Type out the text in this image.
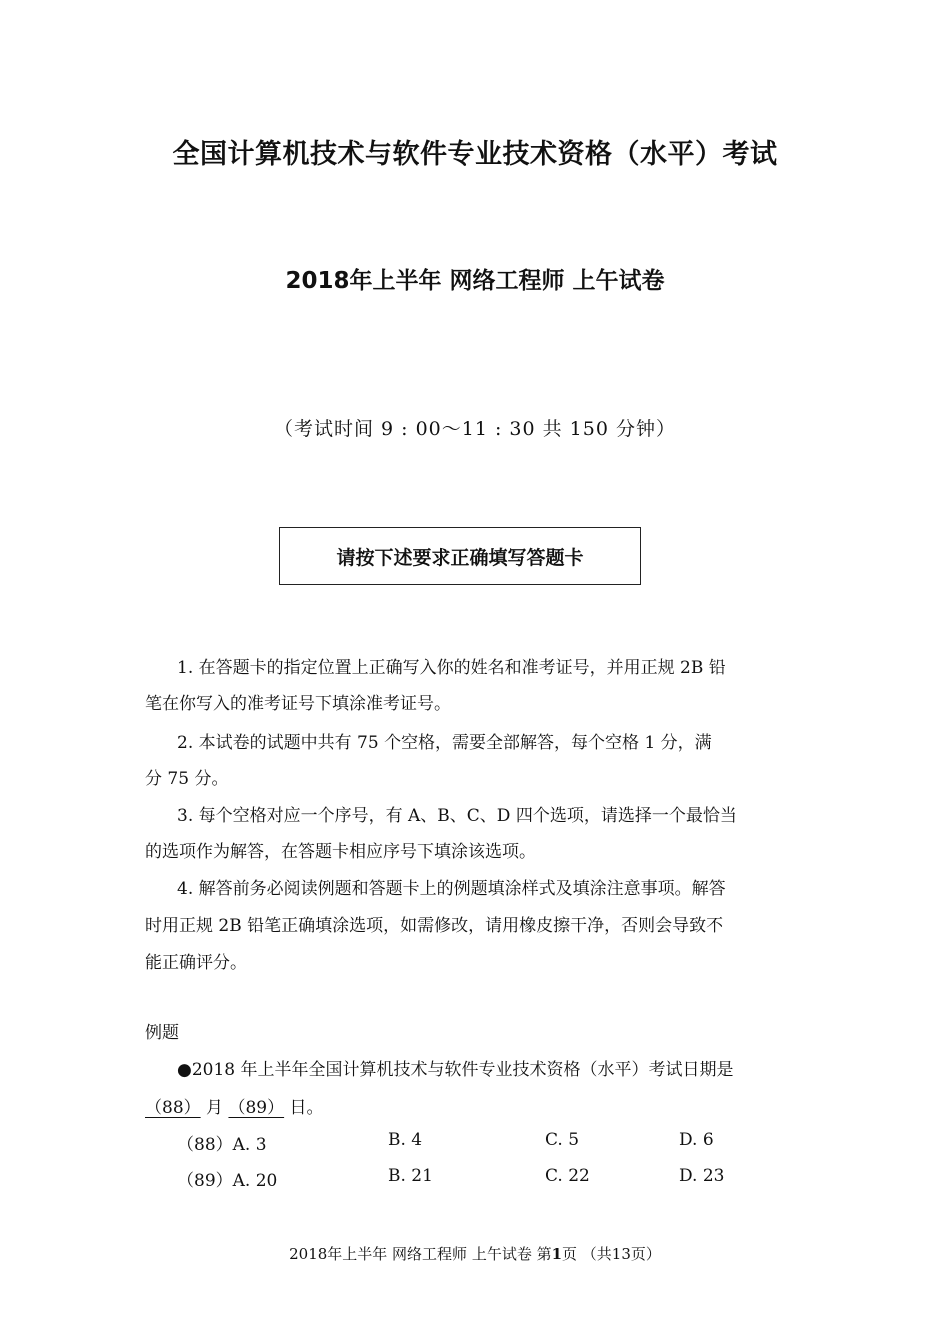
全国计算机技术与软件专业技术资格（水平）考试
2018年上半年 网络工程师 上午试卷
（考试时间 9 : 00～11 : 30 共 150 分钟）
请按下述要求正确填写答题卡
1. 在答题卡的指定位置上正确写入你的姓名和准考证号，并用正规 2B 铅
笔在你写入的准考证号下填涂准考证号。
2. 本试卷的试题中共有 75 个空格，需要全部解答，每个空格 1 分，满
分 75 分。
3. 每个空格对应一个序号，有 A、B、C、D 四个选项，请选择一个最恰当
的选项作为解答，在答题卡相应序号下填涂该选项。
4. 解答前务必阅读例题和答题卡上的例题填涂样式及填涂注意事项。解答
时用正规 2B 铅笔正确填涂选项，如需修改，请用橡皮擦干净，否则会导致不
能正确评分。
例题
●2018 年上半年全国计算机技术与软件专业技术资格（水平）考试日期是
（88） 月 （89） 日。
（88）A. 3	B. 4	C. 5	D. 6
（89）A. 20	B. 21	C. 22	D. 23
2018年上半年 网络工程师 上午试卷 第1页 （共13页）
